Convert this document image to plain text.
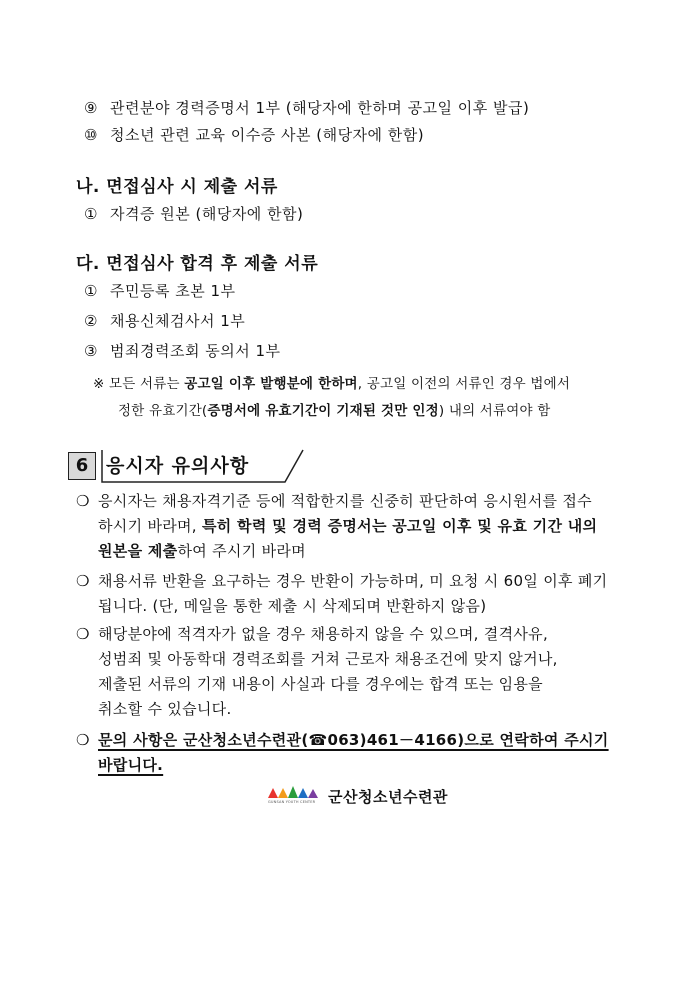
⑨ 관련분야 경력증명서 1부 (해당자에 한하며 공고일 이후 발급)
⑩ 청소년 관련 교육 이수증 사본 (해당자에 한함)
나. 면접심사 시 제출 서류
① 자격증 원본 (해당자에 한함)
다. 면접심사 합격 후 제출 서류
① 주민등록 초본 1부
② 채용신체검사서 1부
③ 범죄경력조회 동의서 1부
※ 모든 서류는 공고일 이후 발행분에 한하며, 공고일 이전의 서류인 경우 법에서
정한 유효기간(증명서에 유효기간이 기재된 것만 인정) 내의 서류여야 함
6 응시자 유의사항
❍ 응시자는 채용자격기준 등에 적합한지를 신중히 판단하여 응시원서를 접수
하시기 바라며, 특히 학력 및 경력 증명서는 공고일 이후 및 유효 기간 내의
원본을 제출하여 주시기 바라며
❍ 채용서류 반환을 요구하는 경우 반환이 가능하며, 미 요청 시 60일 이후 폐기
됩니다. (단, 메일을 통한 제출 시 삭제되며 반환하지 않음)
❍ 해당분야에 적격자가 없을 경우 채용하지 않을 수 있으며, 결격사유,
성범죄 및 아동학대 경력조회를 거쳐 근로자 채용조건에 맞지 않거나,
제출된 서류의 기재 내용이 사실과 다를 경우에는 합격 또는 임용을
취소할 수 있습니다.
❍ 문의 사항은 군산청소년수련관(☎063)461－4166)으로 연락하여 주시기
바랍니다.
GUNSAN YOUTH CENTER 군산청소년수련관
